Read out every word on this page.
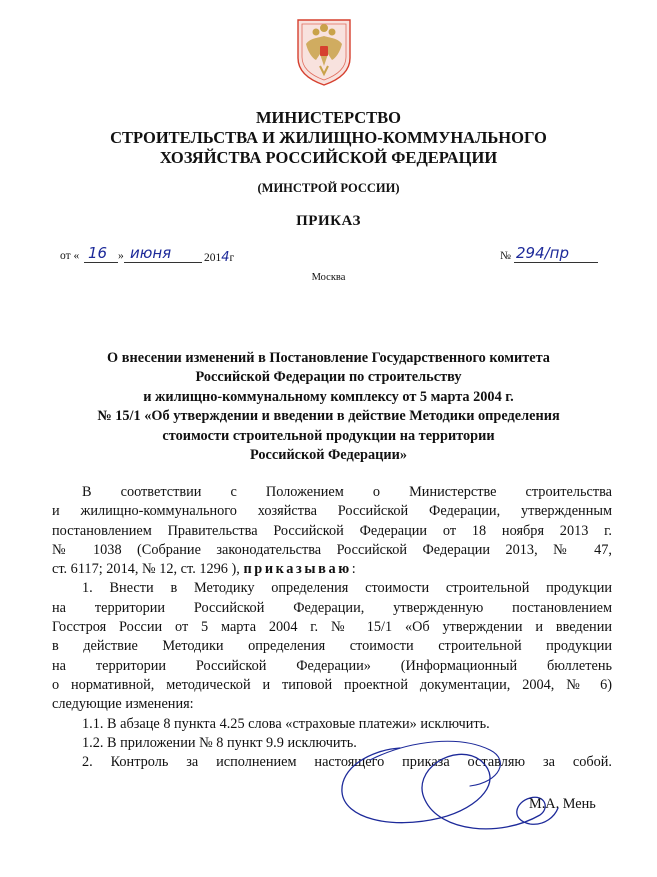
МИНИСТЕРСТВО
СТРОИТЕЛЬСТВА И ЖИЛИЩНО-КОММУНАЛЬНОГО
ХОЗЯЙСТВА РОССИЙСКОЙ ФЕДЕРАЦИИ
(МИНСТРОЙ РОССИИ)
ПРИКАЗ
от « 16 » июня	2014г	№ 294/пр
Москва
О внесении изменений в Постановление Государственного комитета
Российской Федерации по строительству
и жилищно-коммунальному комплексу от 5 марта 2004 г.
№ 15/1 «Об утверждении и введении в действие Методики определения
стоимости строительной продукции на территории
Российской Федерации»
В соответствии с Положением о Министерстве строительства
и жилищно-коммунального хозяйства Российской Федерации, утвержденным
постановлением Правительства Российской Федерации от 18 ноября 2013 г.
№ 1038 (Собрание законодательства Российской Федерации 2013, № 47,
ст. 6117; 2014, № 12, ст. 1296 ), приказываю:
1. Внести в Методику определения стоимости строительной продукции
на территории Российской Федерации, утвержденную постановлением
Госстроя России от 5 марта 2004 г. № 15/1 «Об утверждении и введении
в действие Методики определения стоимости строительной продукции
на территории Российской Федерации» (Информационный бюллетень
о нормативной, методической и типовой проектной документации, 2004, № 6)
следующие изменения:
1.1. В абзаце 8 пункта 4.25 слова «страховые платежи» исключить.
1.2. В приложении № 8 пункт 9.9 исключить.
2. Контроль за исполнением настоящего приказа оставляю за собой.
М.А. Мень
